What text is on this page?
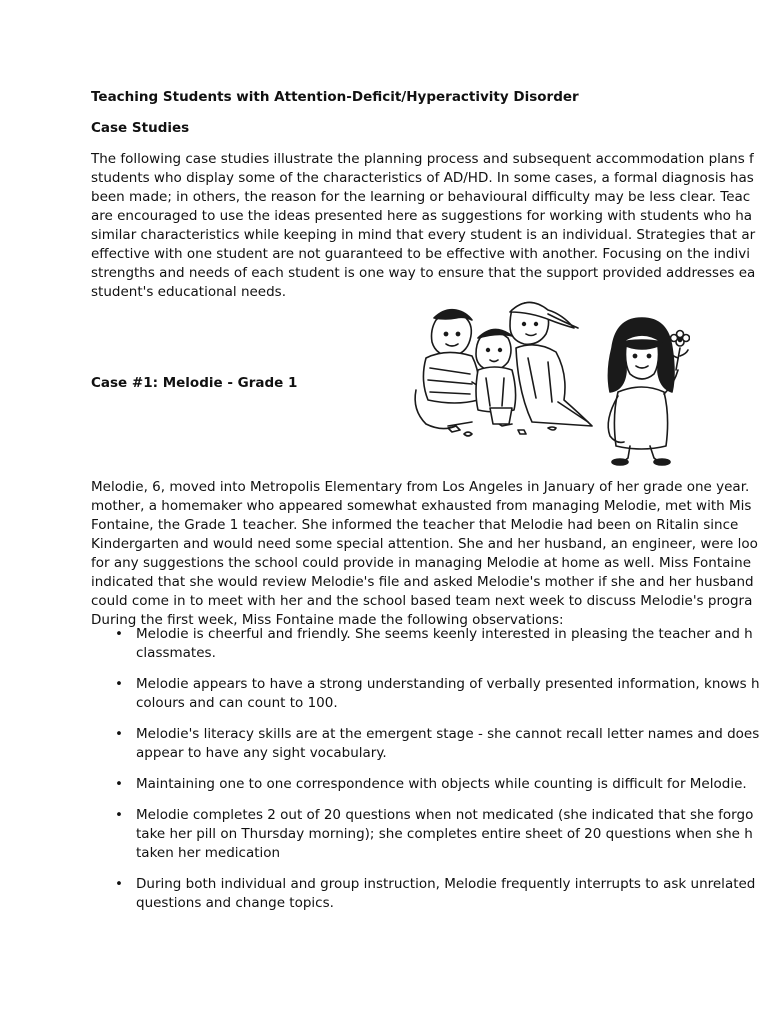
Teaching Students with Attention-Deficit/Hyperactivity Disorder
Case Studies
The following case studies illustrate the planning process and subsequent accommodation plans f
students who display some of the characteristics of AD/HD. In some cases, a formal diagnosis has
been made; in others, the reason for the learning or behavioural difficulty may be less clear. Teac
are encouraged to use the ideas presented here as suggestions for working with students who ha
similar characteristics while keeping in mind that every student is an individual. Strategies that ar
effective with one student are not guaranteed to be effective with another. Focusing on the indivi
strengths and needs of each student is one way to ensure that the support provided addresses ea
student's educational needs.
Case #1: Melodie - Grade 1
Melodie, 6, moved into Metropolis Elementary from Los Angeles in January of her grade one year.
mother, a homemaker who appeared somewhat exhausted from managing Melodie, met with Mis
Fontaine, the Grade 1 teacher. She informed the teacher that Melodie had been on Ritalin since
Kindergarten and would need some special attention. She and her husband, an engineer, were loo
for any suggestions the school could provide in managing Melodie at home as well. Miss Fontaine
indicated that she would review Melodie's file and asked Melodie's mother if she and her husband
could come in to meet with her and the school based team next week to discuss Melodie's progra
During the first week, Miss Fontaine made the following observations:
• Melodie is cheerful and friendly. She seems keenly interested in pleasing the teacher and h
classmates.
• Melodie appears to have a strong understanding of verbally presented information, knows h
colours and can count to 100.
• Melodie's literacy skills are at the emergent stage - she cannot recall letter names and does
appear to have any sight vocabulary.
• Maintaining one to one correspondence with objects while counting is difficult for Melodie.
• Melodie completes 2 out of 20 questions when not medicated (she indicated that she forgo
take her pill on Thursday morning); she completes entire sheet of 20 questions when she h
taken her medication
• During both individual and group instruction, Melodie frequently interrupts to ask unrelated
questions and change topics.
